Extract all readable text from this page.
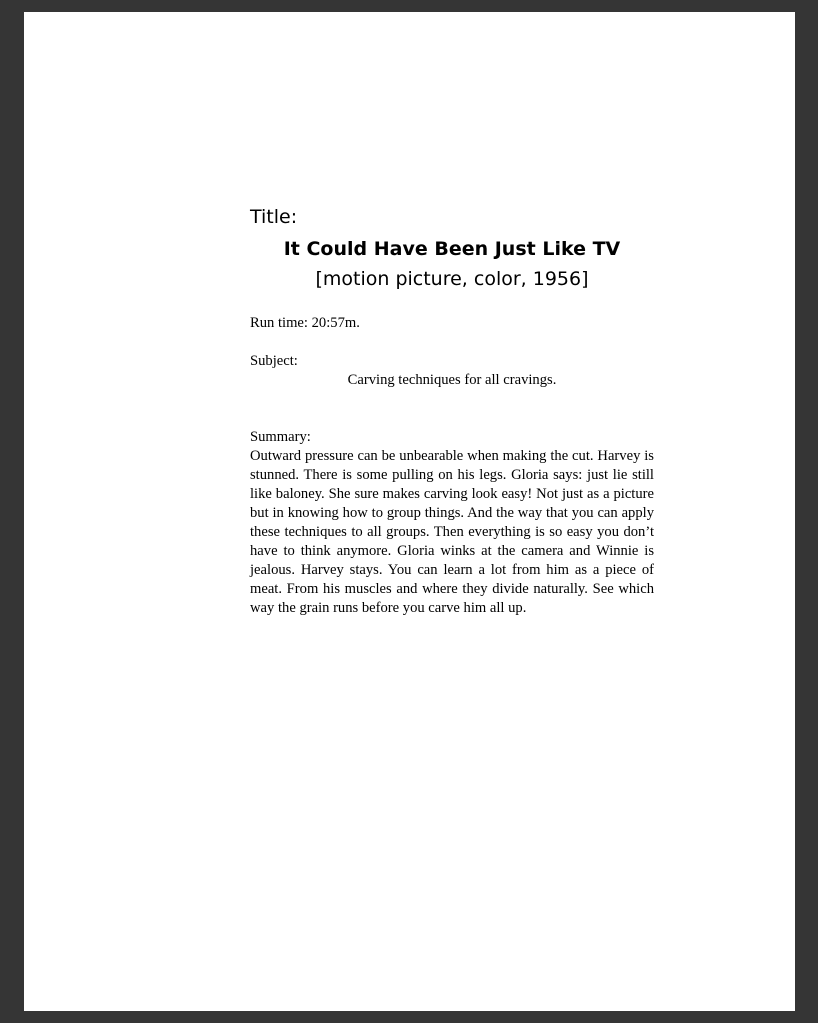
Title:
It Could Have Been Just Like TV
[motion picture, color, 1956]
Run time: 20:57m.
Subject:
Carving techniques for all cravings.
Summary:
Outward pressure can be unbearable when making the cut. Harvey is stunned. There is some pulling on his legs. Gloria says: just lie still like baloney. She sure makes carving look easy! Not just as a picture but in knowing how to group things. And the way that you can apply these techniques to all groups. Then everything is so easy you don’t have to think anymore. Gloria winks at the camera and Winnie is jealous. Harvey stays. You can learn a lot from him as a piece of meat. From his muscles and where they divide naturally. See which way the grain runs before you carve him all up.
